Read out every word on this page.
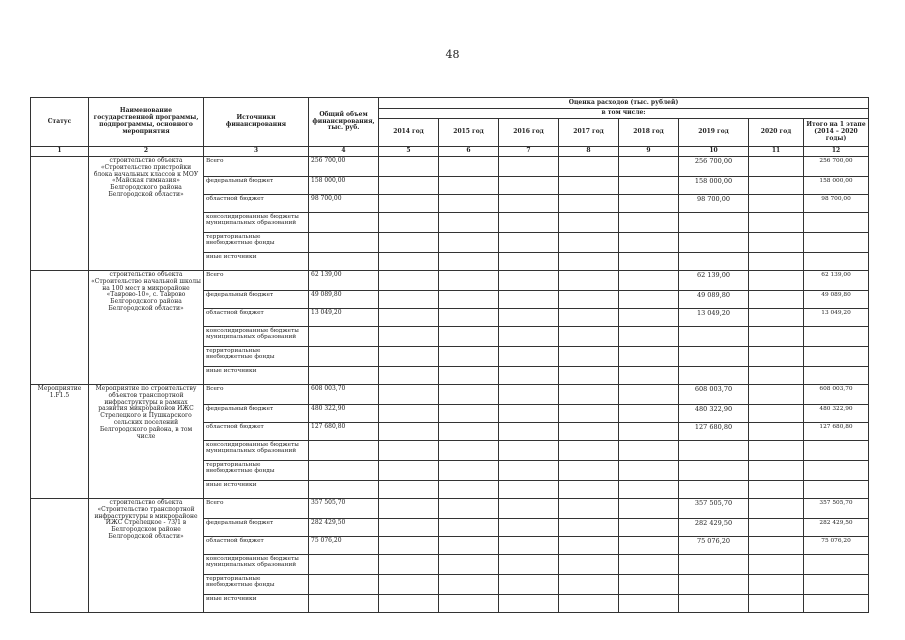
48
Статус	Наименование государственной программы, подпрограммы, основного мероприятия	Источники финансирования	Общий объем финансирования, тыс. руб.	Оценка расходов (тыс. рублей)							
				в том числе:							
				2014 год	2015 год	2016 год	2017 год	2018 год	2019 год	2020 год	Итого на 1 этапе (2014 – 2020 годы)
1	2	3	4	5	6	7	8	9	10	11	12
	строительство объекта «Строительство пристройки блока начальных классов к МОУ «Майская гимназия» Белгородского района Белгородской области»	Всего	256 700,00						256 700,00		256 700,00
		федеральный бюджет	158 000,00						158 000,00		158 000,00
		областной бюджет	98 700,00						98 700,00		98 700,00
		консолидированные бюджеты муниципальных образований									
		территориальные внебюджетные фонды									
		иные источники									
	строительство объекта «Строительство начальной школы на 100 мест в микрорайоне «Таврово-10», с. Таврово Белгородского района Белгородской области»	Всего	62 139,00						62 139,00		62 139,00
		федеральный бюджет	49 089,80						49 089,80		49 089,80
		областной бюджет	13 049,20						13 049,20		13 049,20
		консолидированные бюджеты муниципальных образований									
		территориальные внебюджетные фонды									
		иные источники									
Мероприятие 1.F1.5	Мероприятие по строительству объектов транспортной инфраструктуры в рамках развития микрорайонов ИЖС Стрелецкого и Пушкарского сельских поселений Белгородского района, в том числе	Всего	608 003,70						608 003,70		608 003,70
		федеральный бюджет	480 322,90						480 322,90		480 322,90
		областной бюджет	127 680,80						127 680,80		127 680,80
		консолидированные бюджеты муниципальных образований									
		территориальные внебюджетные фонды									
		иные источники									
	строительство объекта «Строительство транспортной инфраструктуры в микрорайоне ИЖС Стрелецкое - 73/1 в Белгородском районе Белгородской области»	Всего	357 505,70						357 505,70		357 505,70
		федеральный бюджет	282 429,50						282 429,50		282 429,50
		областной бюджет	75 076,20						75 076,20		75 076,20
		консолидированные бюджеты муниципальных образований									
		территориальные внебюджетные фонды									
		иные источники									
